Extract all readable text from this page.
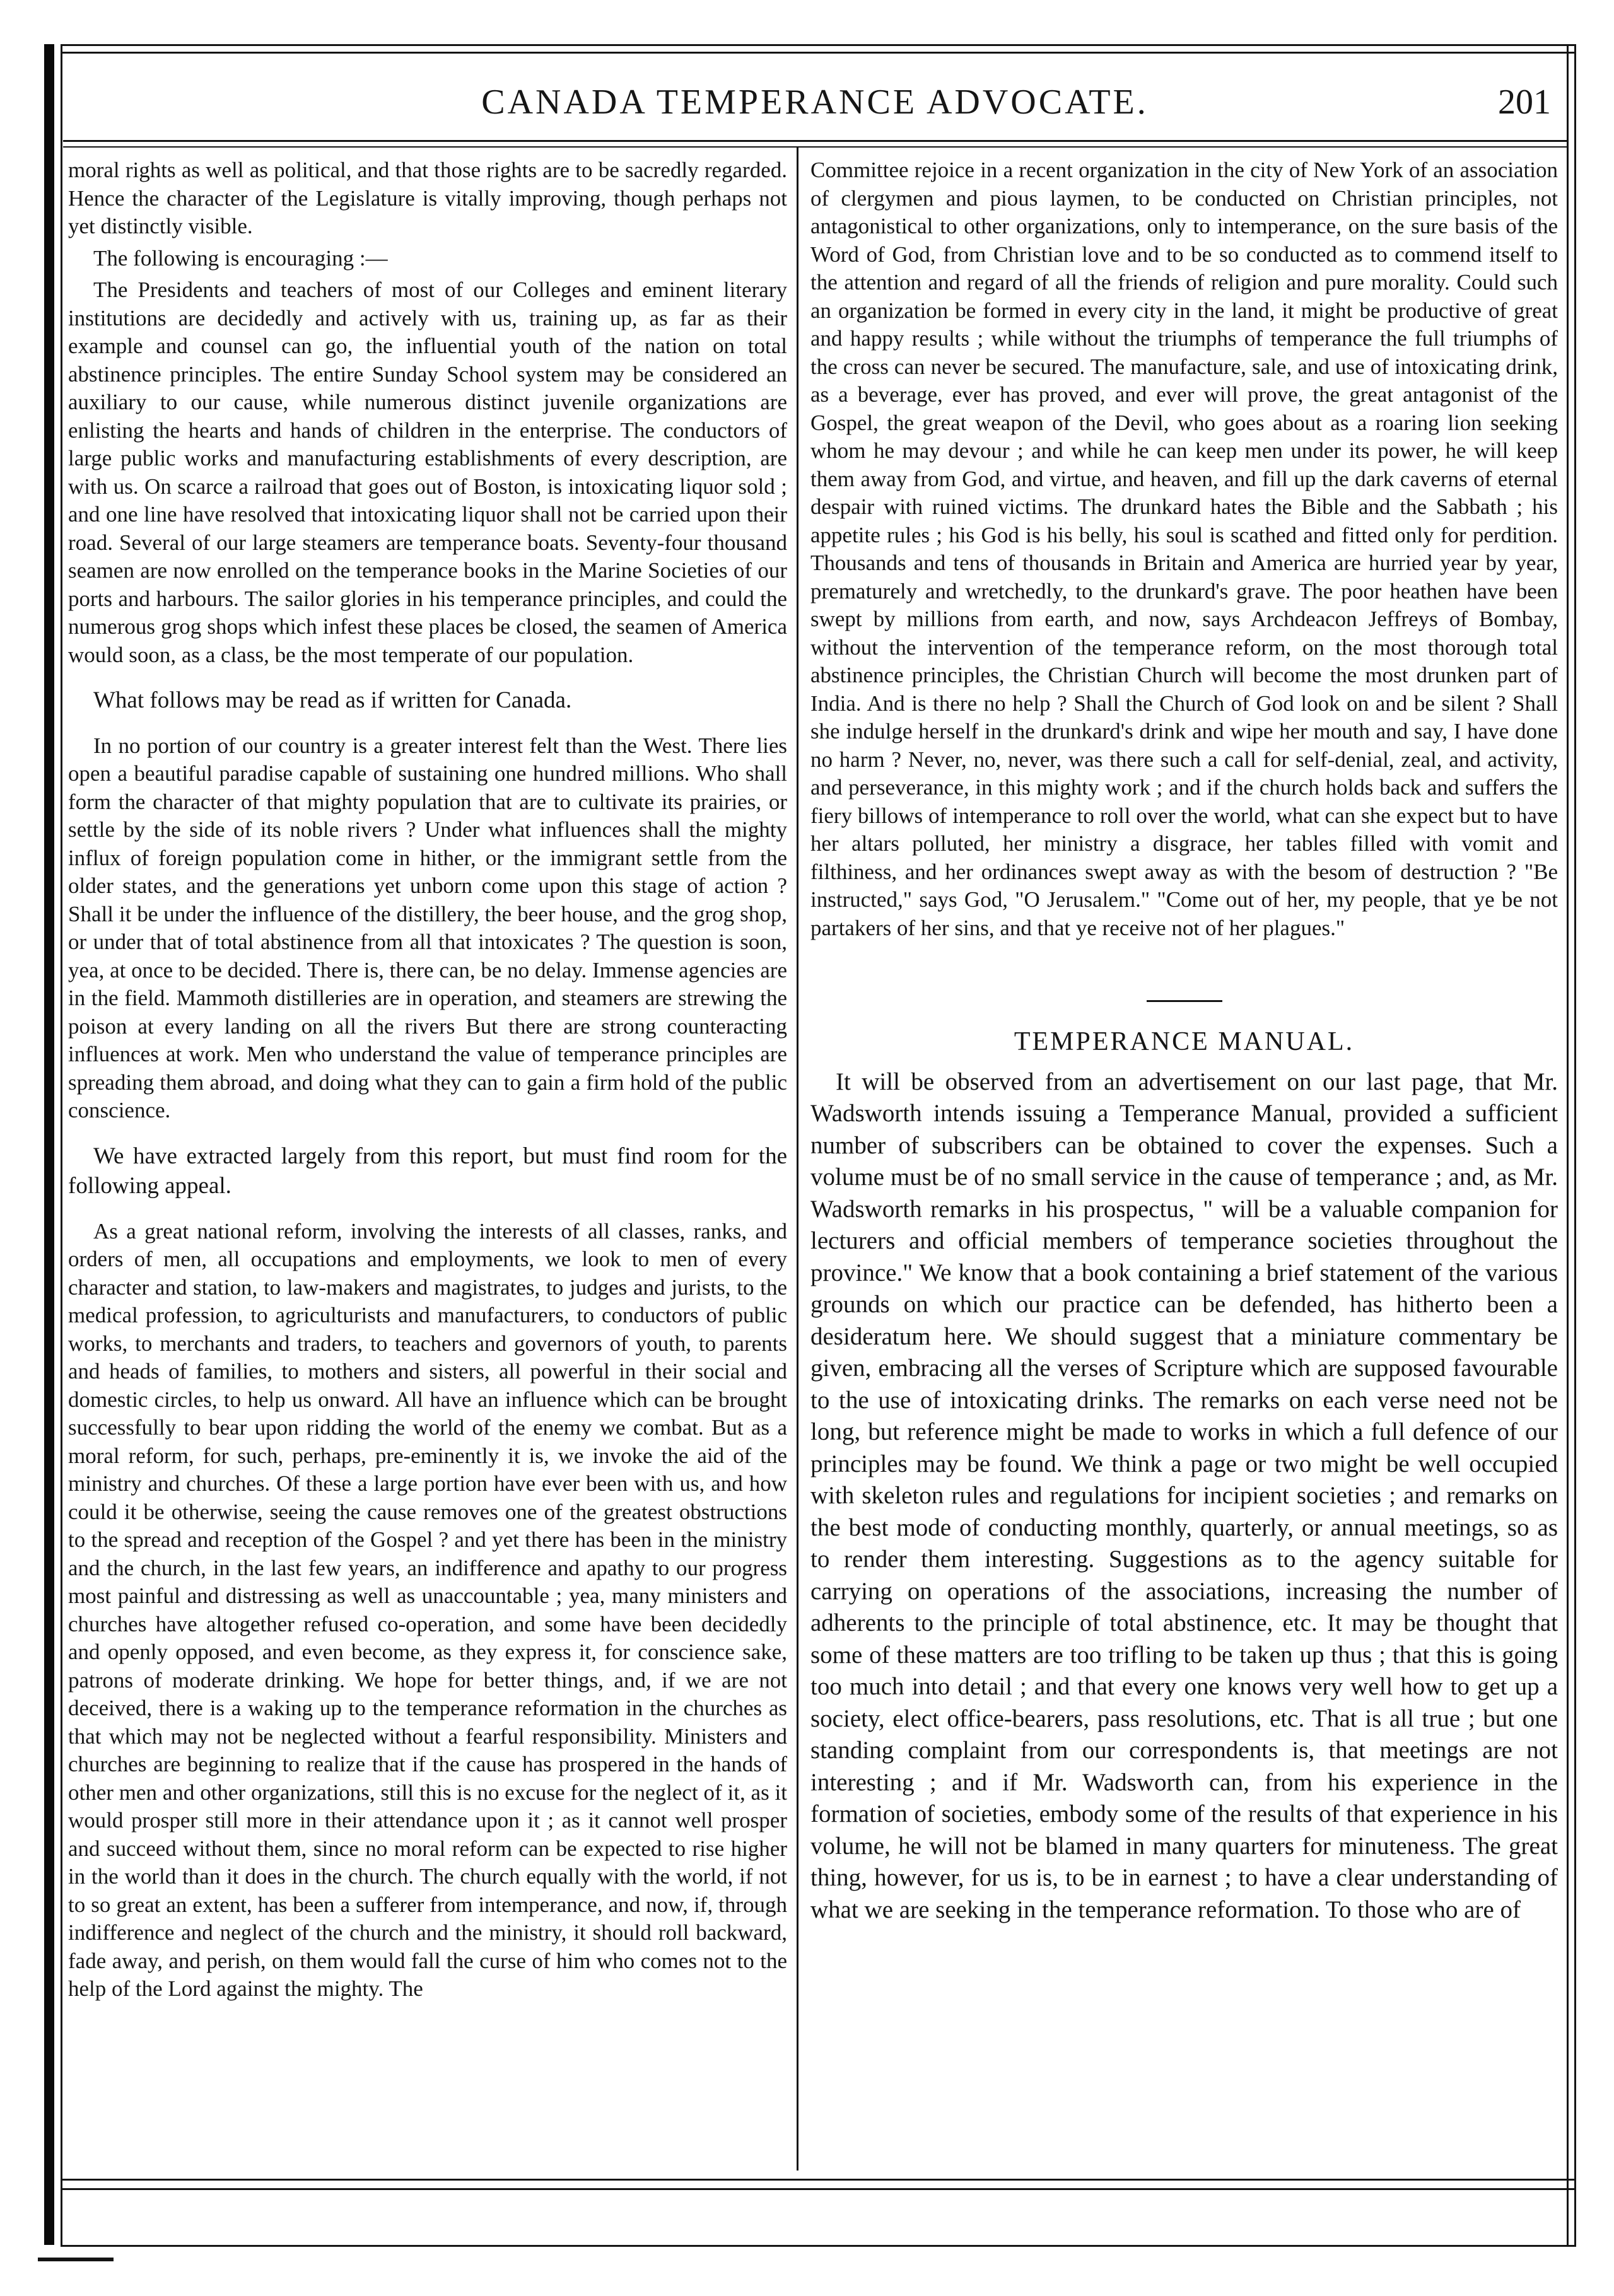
CANADA TEMPERANCE ADVOCATE.	201

moral rights as well as political, and that those rights are to be sacredly regarded. Hence the character of the Legislature is vitally improving, though perhaps not yet distinctly visible.

The following is encouraging :—

The Presidents and teachers of most of our Colleges and eminent literary institutions are decidedly and actively with us, training up, as far as their example and counsel can go, the influential youth of the nation on total abstinence principles. The entire Sunday School system may be considered an auxiliary to our cause, while numerous distinct juvenile organizations are enlisting the hearts and hands of children in the enterprise. The conductors of large public works and manufacturing establishments of every description, are with us. On scarce a railroad that goes out of Boston, is intoxicating liquor sold ; and one line have resolved that intoxicating liquor shall not be carried upon their road. Several of our large steamers are temperance boats. Seventy-four thousand seamen are now enrolled on the temperance books in the Marine Societies of our ports and harbours. The sailor glories in his temperance principles, and could the numerous grog shops which infest these places be closed, the seamen of America would soon, as a class, be the most temperate of our population.

What follows may be read as if written for Canada.

In no portion of our country is a greater interest felt than the West. There lies open a beautiful paradise capable of sustaining one hundred millions. Who shall form the character of that mighty population that are to cultivate its prairies, or settle by the side of its noble rivers ? Under what influences shall the mighty influx of foreign population come in hither, or the immigrant settle from the older states, and the generations yet unborn come upon this stage of action ? Shall it be under the influence of the distillery, the beer house, and the grog shop, or under that of total abstinence from all that intoxicates ? The question is soon, yea, at once to be decided. There is, there can, be no delay. Immense agencies are in the field. Mammoth distilleries are in operation, and steamers are strewing the poison at every landing on all the rivers But there are strong counteracting influences at work. Men who understand the value of temperance principles are spreading them abroad, and doing what they can to gain a firm hold of the public conscience.

We have extracted largely from this report, but must find room for the following appeal.

As a great national reform, involving the interests of all classes, ranks, and orders of men, all occupations and employments, we look to men of every character and station, to law-makers and magistrates, to judges and jurists, to the medical profession, to agriculturists and manufacturers, to conductors of public works, to merchants and traders, to teachers and governors of youth, to parents and heads of families, to mothers and sisters, all powerful in their social and domestic circles, to help us onward. All have an influence which can be brought successfully to bear upon ridding the world of the enemy we combat. But as a moral reform, for such, perhaps, pre-eminently it is, we invoke the aid of the ministry and churches. Of these a large portion have ever been with us, and how could it be otherwise, seeing the cause removes one of the greatest obstructions to the spread and reception of the Gospel ? and yet there has been in the ministry and the church, in the last few years, an indifference and apathy to our progress most painful and distressing as well as unaccountable ; yea, many ministers and churches have altogether refused co-operation, and some have been decidedly and openly opposed, and even become, as they express it, for conscience sake, patrons of moderate drinking. We hope for better things, and, if we are not deceived, there is a waking up to the temperance reformation in the churches as that which may not be neglected without a fearful responsibility. Ministers and churches are beginning to realize that if the cause has prospered in the hands of other men and other organizations, still this is no excuse for the neglect of it, as it would prosper still more in their attendance upon it ; as it cannot well prosper and succeed without them, since no moral reform can be expected to rise higher in the world than it does in the church. The church equally with the world, if not to so great an extent, has been a sufferer from intemperance, and now, if, through indifference and neglect of the church and the ministry, it should roll backward, fade away, and perish, on them would fall the curse of him who comes not to the help of the Lord against the mighty. The

Committee rejoice in a recent organization in the city of New York of an association of clergymen and pious laymen, to be conducted on Christian principles, not antagonistical to other organizations, only to intemperance, on the sure basis of the Word of God, from Christian love and to be so conducted as to commend itself to the attention and regard of all the friends of religion and pure morality. Could such an organization be formed in every city in the land, it might be productive of great and happy results ; while without the triumphs of temperance the full triumphs of the cross can never be secured. The manufacture, sale, and use of intoxicating drink, as a beverage, ever has proved, and ever will prove, the great antagonist of the Gospel, the great weapon of the Devil, who goes about as a roaring lion seeking whom he may devour ; and while he can keep men under its power, he will keep them away from God, and virtue, and heaven, and fill up the dark caverns of eternal despair with ruined victims. The drunkard hates the Bible and the Sabbath ; his appetite rules ; his God is his belly, his soul is scathed and fitted only for perdition. Thousands and tens of thousands in Britain and America are hurried year by year, prematurely and wretchedly, to the drunkard's grave. The poor heathen have been swept by millions from earth, and now, says Archdeacon Jeffreys of Bombay, without the intervention of the temperance reform, on the most thorough total abstinence principles, the Christian Church will become the most drunken part of India. And is there no help ? Shall the Church of God look on and be silent ? Shall she indulge herself in the drunkard's drink and wipe her mouth and say, I have done no harm ? Never, no, never, was there such a call for self-denial, zeal, and activity, and perseverance, in this mighty work ; and if the church holds back and suffers the fiery billows of intemperance to roll over the world, what can she expect but to have her altars polluted, her ministry a disgrace, her tables filled with vomit and filthiness, and her ordinances swept away as with the besom of destruction ? "Be instructed," says God, "O Jerusalem." "Come out of her, my people, that ye be not partakers of her sins, and that ye receive not of her plagues."

TEMPERANCE MANUAL.

It will be observed from an advertisement on our last page, that Mr. Wadsworth intends issuing a Temperance Manual, provided a sufficient number of subscribers can be obtained to cover the expenses. Such a volume must be of no small service in the cause of temperance ; and, as Mr. Wadsworth remarks in his prospectus, " will be a valuable companion for lecturers and official members of temperance societies throughout the province." We know that a book containing a brief statement of the various grounds on which our practice can be defended, has hitherto been a desideratum here. We should suggest that a miniature commentary be given, embracing all the verses of Scripture which are supposed favourable to the use of intoxicating drinks. The remarks on each verse need not be long, but reference might be made to works in which a full defence of our principles may be found. We think a page or two might be well occupied with skeleton rules and regulations for incipient societies ; and remarks on the best mode of conducting monthly, quarterly, or annual meetings, so as to render them interesting. Suggestions as to the agency suitable for carrying on operations of the associations, increasing the number of adherents to the principle of total abstinence, etc. It may be thought that some of these matters are too trifling to be taken up thus ; that this is going too much into detail ; and that every one knows very well how to get up a society, elect office-bearers, pass resolutions, etc. That is all true ; but one standing complaint from our correspondents is, that meetings are not interesting ; and if Mr. Wadsworth can, from his experience in the formation of societies, embody some of the results of that experience in his volume, he will not be blamed in many quarters for minuteness. The great thing, however, for us is, to be in earnest ; to have a clear understanding of what we are seeking in the temperance reformation. To those who are of
